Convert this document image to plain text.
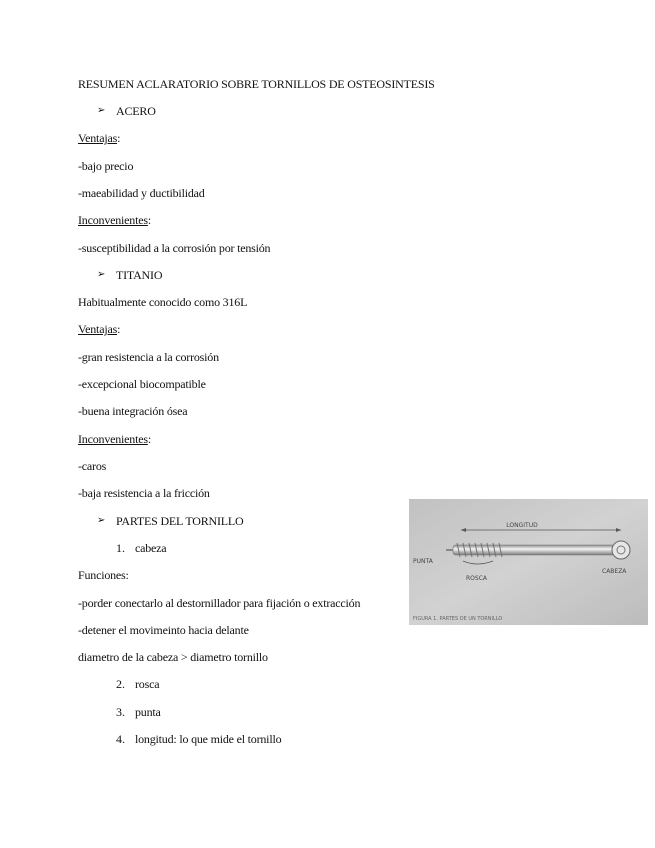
RESUMEN ACLARATORIO SOBRE TORNILLOS DE OSTEOSINTESIS
➢ ACERO
Ventajas:
-bajo precio
-maeabilidad y ductibilidad
Inconvenientes:
-susceptibilidad a la corrosión por tensión
➢ TITANIO
Habitualmente conocido como 316L
Ventajas:
-gran resistencia a la corrosión
-excepcional biocompatible
-buena integración ósea
Inconvenientes:
-caros
-baja resistencia a la fricción
➢ PARTES DEL TORNILLO
1. cabeza
Funciones:
-porder conectarlo al destornillador para fijación o extracción
-detener el movimeinto hacia delante
diametro de la cabeza > diametro tornillo
2. rosca
3. punta
4. longitud: lo que mide el tornillo
LONGITUD
PUNTA
ROSCA
CABEZA
FIGURA 1. PARTES DE UN TORNILLO
